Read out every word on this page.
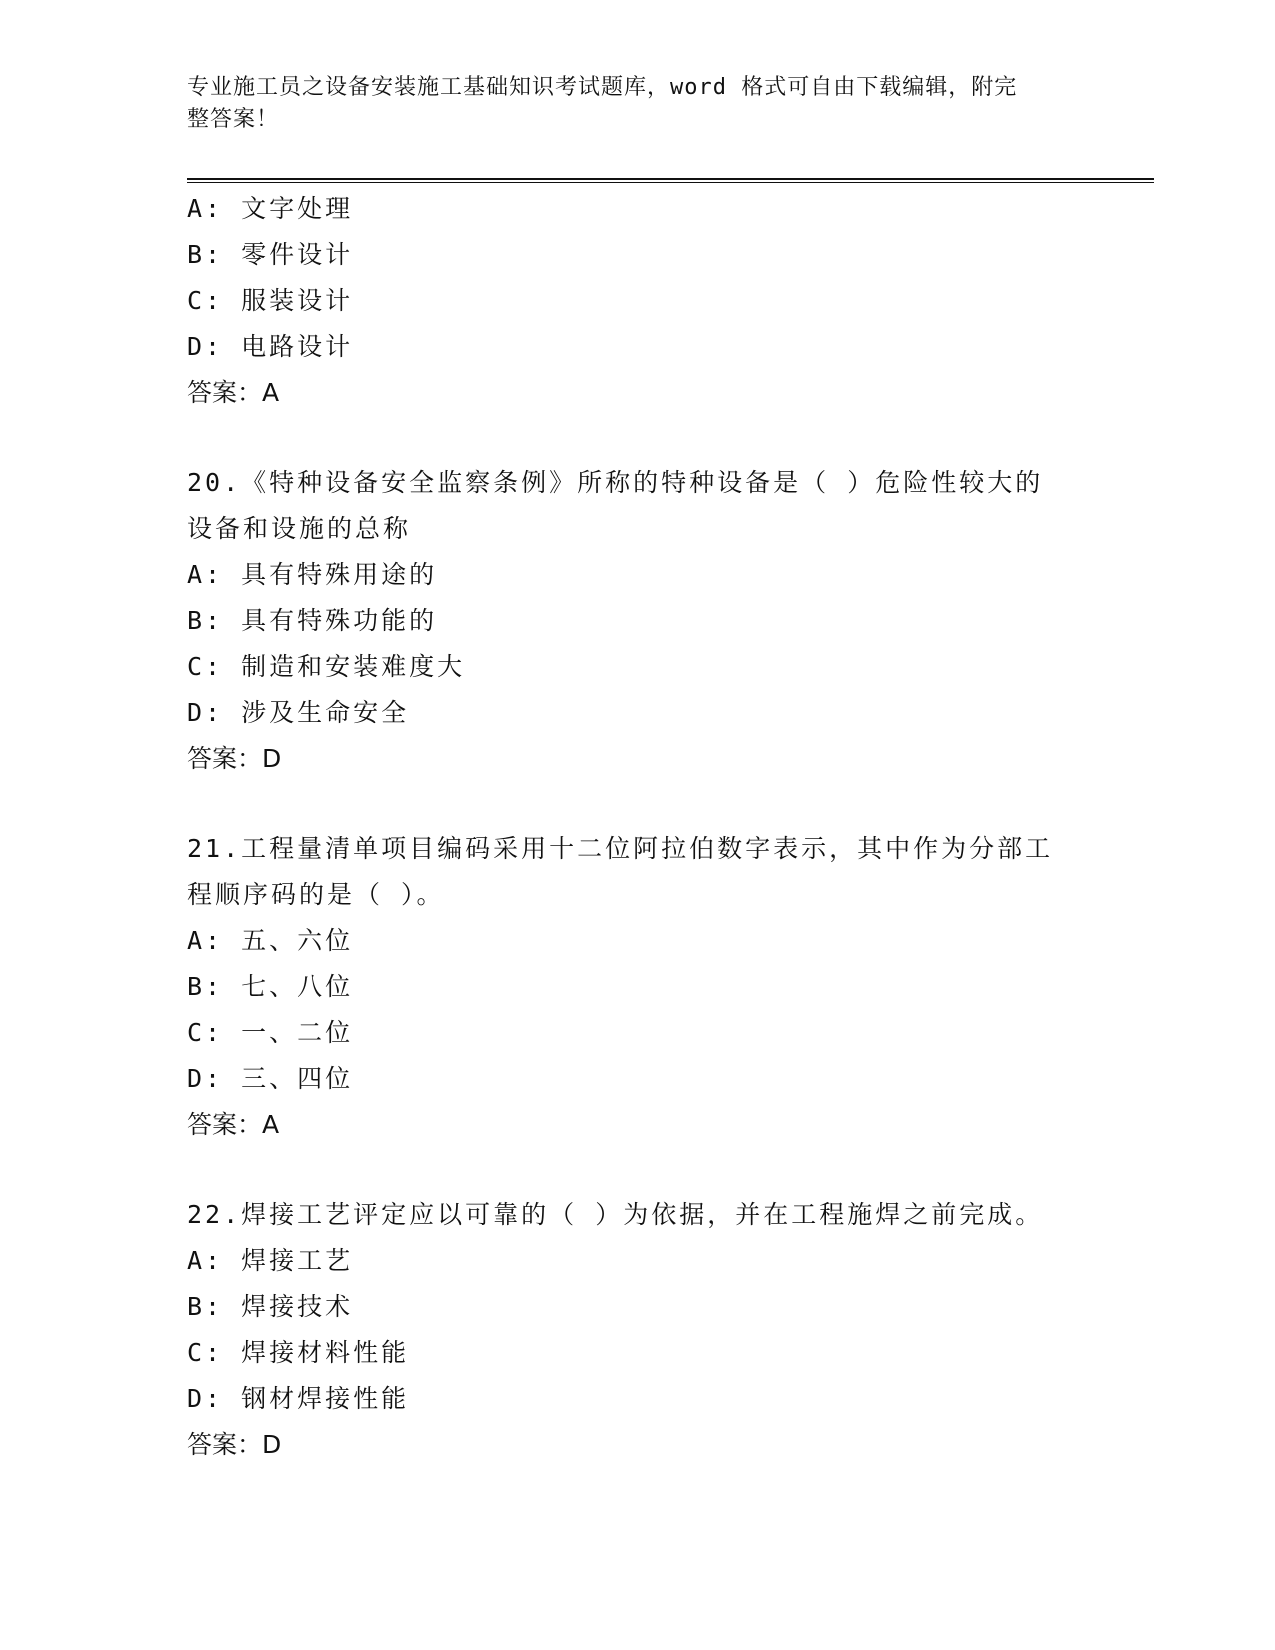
专业施工员之设备安装施工基础知识考试题库，word 格式可自由下载编辑，附完
整答案！
A: 文字处理
B: 零件设计
C: 服装设计
D: 电路设计
答案：A
20.《特种设备安全监察条例》所称的特种设备是（ ）危险性较大的
设备和设施的总称
A: 具有特殊用途的
B: 具有特殊功能的
C: 制造和安装难度大
D: 涉及生命安全
答案：D
21.工程量清单项目编码采用十二位阿拉伯数字表示，其中作为分部工
程顺序码的是（ ）。
A: 五、六位
B: 七、八位
C: 一、二位
D: 三、四位
答案：A
22.焊接工艺评定应以可靠的（ ）为依据，并在工程施焊之前完成。
A: 焊接工艺
B: 焊接技术
C: 焊接材料性能
D: 钢材焊接性能
答案：D
